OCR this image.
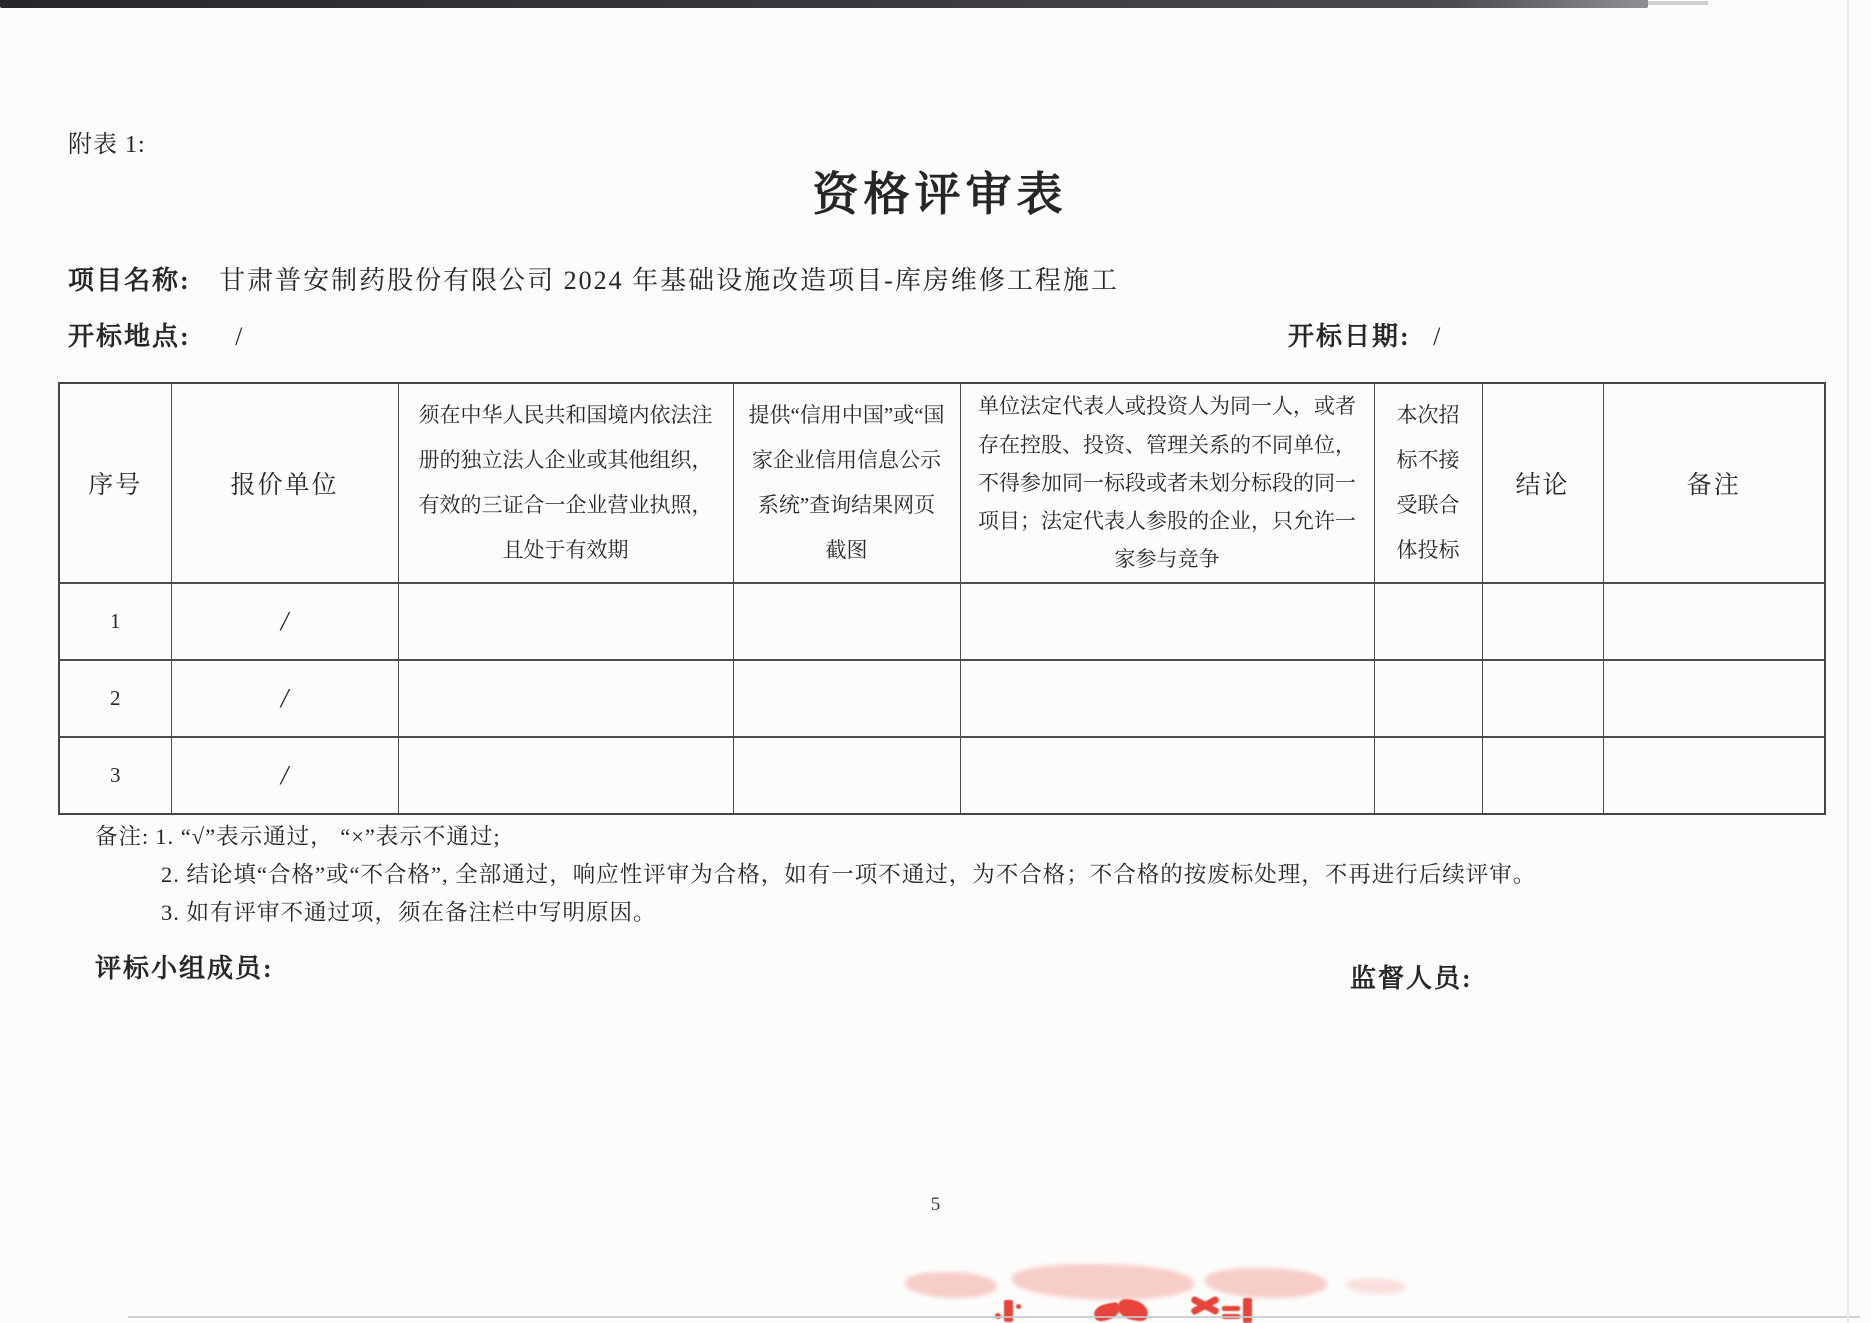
附表 1:
资格评审表
项目名称: 甘肃普安制药股份有限公司 2024 年基础设施改造项目-库房维修工程施工
开标地点: /	开标日期: /
序号	报价单位	须在中华人民共和国境内依法注册的独立法人企业或其他组织，有效的三证合一企业营业执照，且处于有效期	提供“信用中国”或“国家企业信用信息公示系统”查询结果网页截图	单位法定代表人或投资人为同一人，或者存在控股、投资、管理关系的不同单位，不得参加同一标段或者未划分标段的同一项目；法定代表人参股的企业，只允许一家参与竞争	本次招标不接受联合体投标	结论	备注
1	/						
2	/						
3	/						
备注: 1. “√”表示通过， “×”表示不通过;
2. 结论填“合格”或“不合格”, 全部通过，响应性评审为合格，如有一项不通过，为不合格；不合格的按废标处理，不再进行后续评审。
3. 如有评审不通过项，须在备注栏中写明原因。
评标小组成员:	监督人员:
5
